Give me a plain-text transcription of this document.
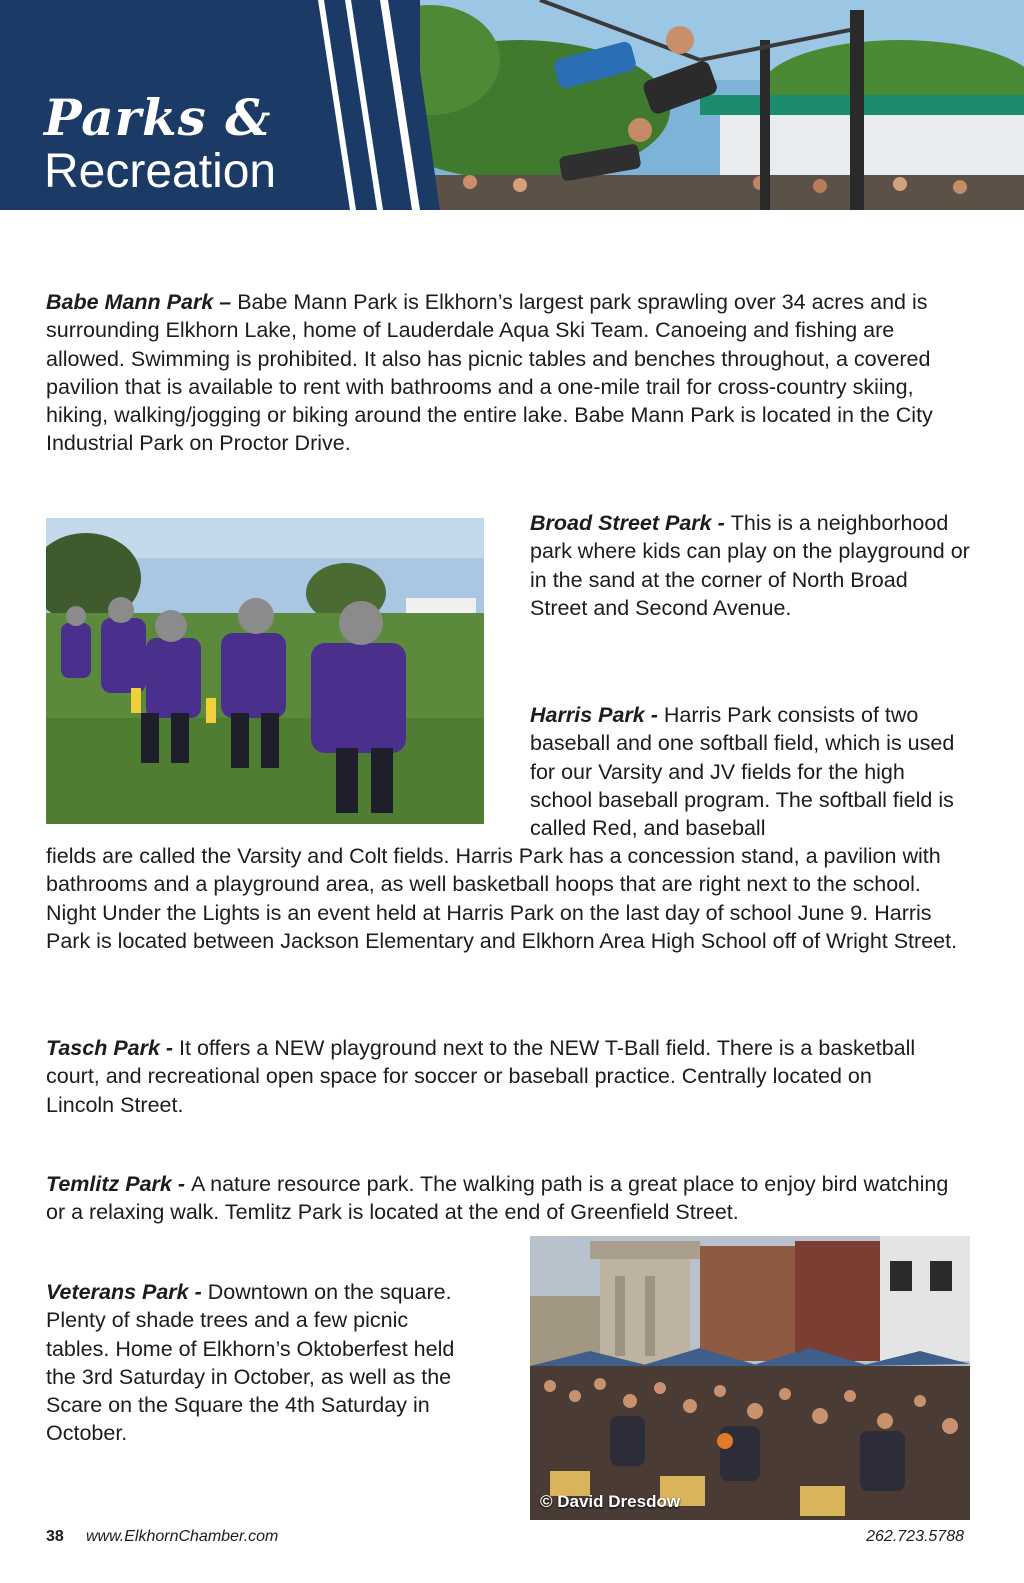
Parks &
Recreation

Babe Mann Park – Babe Mann Park is Elkhorn’s largest park sprawling over 34 acres and is surrounding Elkhorn Lake, home of Lauderdale Aqua Ski Team. Canoeing and fishing are allowed. Swimming is prohibited. It also has picnic tables and benches throughout, a covered pavilion that is available to rent with bathrooms and a one-mile trail for cross-country skiing, hiking, walking/jogging or biking around the entire lake. Babe Mann Park is located in the City Industrial Park on Proctor Drive.

Broad Street Park - This is a neighborhood park where kids can play on the playground or in the sand at the corner of North Broad Street and Second Avenue.

Harris Park - Harris Park consists of two baseball and one softball field, which is used for our Varsity and JV fields for the high school baseball program. The softball field is called Red, and baseball

fields are called the Varsity and Colt fields. Harris Park has a concession stand, a pavilion with bathrooms and a playground area, as well basketball hoops that are right next to the school. Night Under the Lights is an event held at Harris Park on the last day of school June 9. Harris Park is located between Jackson Elementary and Elkhorn Area High School off of Wright Street.

Tasch Park - It offers a NEW playground next to the NEW T-Ball field. There is a basketball court, and recreational open space for soccer or baseball practice. Centrally located on Lincoln Street.

Temlitz Park - A nature resource park. The walking path is a great place to enjoy bird watching or a relaxing walk. Temlitz Park is located at the end of Greenfield Street.

Veterans Park - Downtown on the square. Plenty of shade trees and a few picnic tables. Home of Elkhorn’s Oktoberfest held the 3rd Saturday in October, as well as the Scare on the Square the 4th Saturday in October.

© David Dresdow
38 www.ElkhornChamber.com	262.723.5788
